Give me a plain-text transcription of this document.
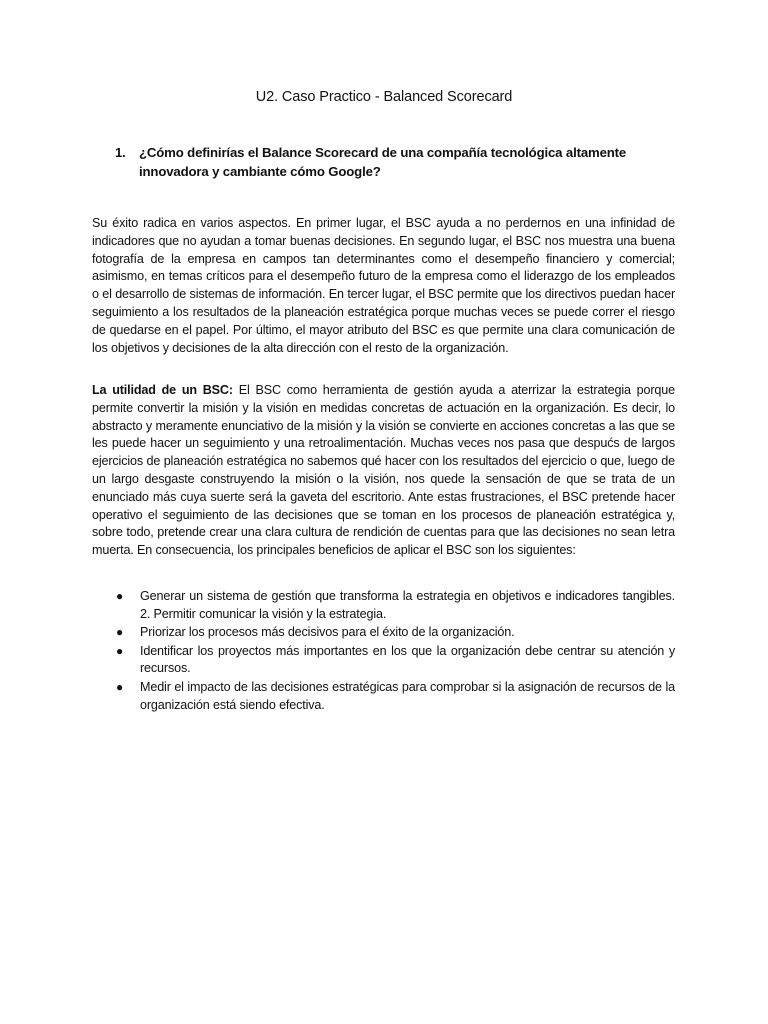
U2. Caso Practico - Balanced Scorecard
1. ¿Cómo definirías el Balance Scorecard de una compañía tecnológica altamente innovadora y cambiante cómo Google?

Su éxito radica en varios aspectos. En primer lugar, el BSC ayuda a no perdernos en una infinidad de indicadores que no ayudan a tomar buenas decisiones. En segundo lugar, el BSC nos muestra una buena fotografía de la empresa en campos tan determinantes como el desempeño financiero y comercial; asimismo, en temas críticos para el desempeño futuro de la empresa como el liderazgo de los empleados o el desarrollo de sistemas de información. En tercer lugar, el BSC permite que los directivos puedan hacer seguimiento a los resultados de la planeación estratégica porque muchas veces se puede correr el riesgo de quedarse en el papel. Por último, el mayor atributo del BSC es que permite una clara comunicación de los objetivos y decisiones de la alta dirección con el resto de la organización.

La utilidad de un BSC: El BSC como herramienta de gestión ayuda a aterrizar la estrategia porque permite convertir la misión y la visión en medidas concretas de actuación en la organización. Es decir, lo abstracto y meramente enunciativo de la misión y la visión se convierte en acciones concretas a las que se les puede hacer un seguimiento y una retroalimentación. Muchas veces nos pasa que despućs de largos ejercicios de planeación estratégica no sabemos qué hacer con los resultados del ejercicio o que, luego de un largo desgaste construyendo la misión o la visión, nos quede la sensación de que se trata de un enunciado más cuya suerte será la gaveta del escritorio. Ante estas frustraciones, el BSC pretende hacer operativo el seguimiento de las decisiones que se toman en los procesos de planeación estratégica y, sobre todo, pretende crear una clara cultura de rendición de cuentas para que las decisiones no sean letra muerta. En consecuencia, los principales beneficios de aplicar el BSC son los siguientes:

● Generar un sistema de gestión que transforma la estrategia en objetivos e indicadores tangibles. 2. Permitir comunicar la visión y la estrategia.
● Priorizar los procesos más decisivos para el éxito de la organización.
● Identificar los proyectos más importantes en los que la organización debe centrar su atención y recursos.
● Medir el impacto de las decisiones estratégicas para comprobar si la asignación de recursos de la organización está siendo efectiva.
